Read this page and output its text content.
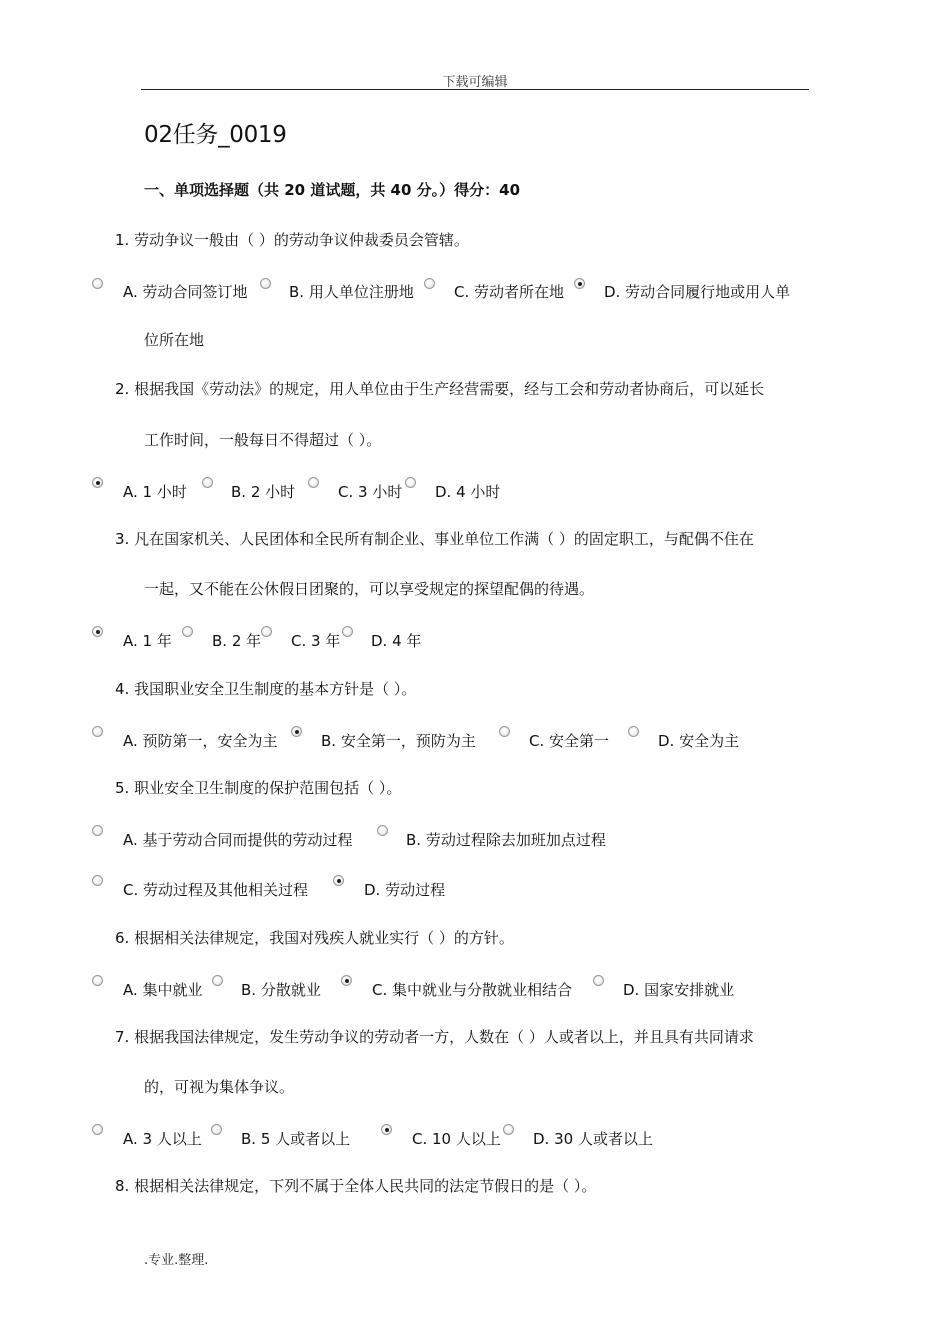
下载可编辑
02任务_0019
一、单项选择题（共 20 道试题，共 40 分。）得分：40
1. 劳动争议一般由（ ）的劳动争议仲裁委员会管辖。
A. 劳动合同签订地	B. 用人单位注册地	C. 劳动者所在地	D. 劳动合同履行地或用人单
位所在地
2. 根据我国《劳动法》的规定，用人单位由于生产经营需要，经与工会和劳动者协商后，可以延长
工作时间，一般每日不得超过（ ）。
A. 1 小时	B. 2 小时	C. 3 小时 D. 4 小时
3. 凡在国家机关、人民团体和全民所有制企业、事业单位工作满（ ）的固定职工，与配偶不住在
一起，又不能在公休假日团聚的，可以享受规定的探望配偶的待遇。
A. 1 年	B. 2 年 C. 3 年 D. 4 年
4. 我国职业安全卫生制度的基本方针是（ ）。
A. 预防第一，安全为主	B. 安全第一，预防为主	C. 安全第一	D. 安全为主
5. 职业安全卫生制度的保护范围包括（ ）。
A. 基于劳动合同而提供的劳动过程	B. 劳动过程除去加班加点过程
C. 劳动过程及其他相关过程	D. 劳动过程
6. 根据相关法律规定，我国对残疾人就业实行（ ）的方针。
A. 集中就业	B. 分散就业	C. 集中就业与分散就业相结合	D. 国家安排就业
7. 根据我国法律规定，发生劳动争议的劳动者一方，人数在（ ）人或者以上，并且具有共同请求
的，可视为集体争议。
A. 3 人以上	B. 5 人或者以上	C. 10 人以上 D. 30 人或者以上
8. 根据相关法律规定，下列不属于全体人民共同的法定节假日的是（ ）。
.专业.整理.
